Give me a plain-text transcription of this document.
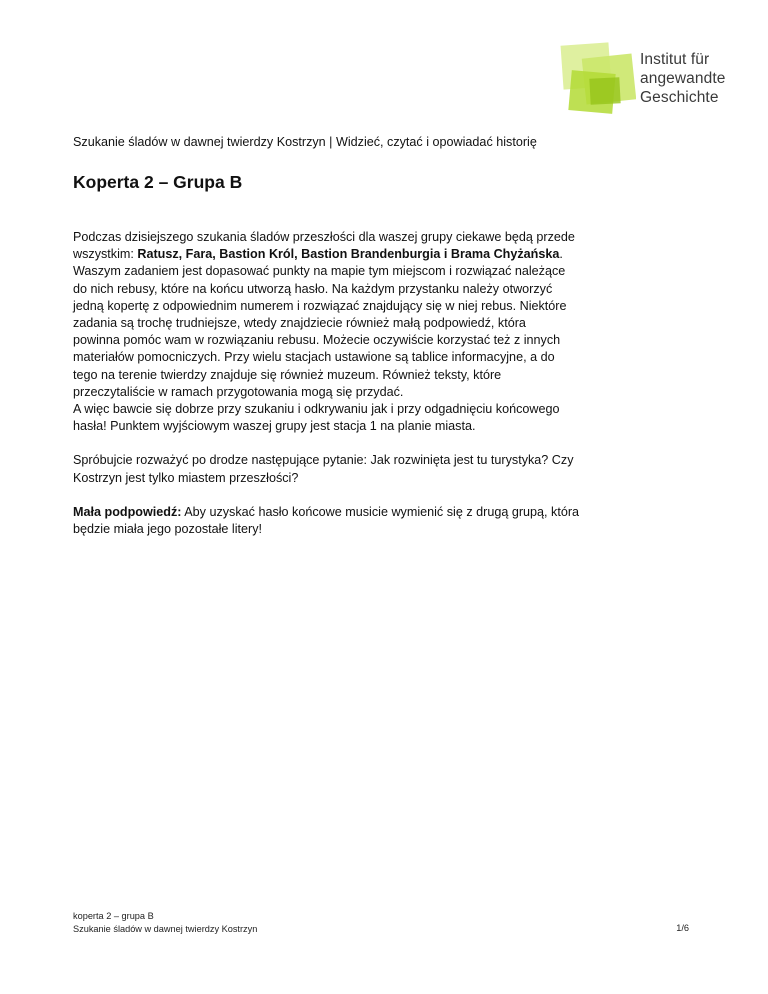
Institut für
angewandte
Geschichte
Szukanie śladów w dawnej twierdzy Kostrzyn | Widzieć, czytać i opowiadać historię
Koperta 2 – Grupa B

Podczas dzisiejszego szukania śladów przeszłości dla waszej grupy ciekawe będą przede
wszystkim: Ratusz, Fara, Bastion Król, Bastion Brandenburgia i Brama Chyżańska.
Waszym zadaniem jest dopasować punkty na mapie tym miejscom i rozwiązać należące
do nich rebusy, które na końcu utworzą hasło. Na każdym przystanku należy otworzyć
jedną kopertę z odpowiednim numerem i rozwiązać znajdujący się w niej rebus. Niektóre
zadania są trochę trudniejsze, wtedy znajdziecie również małą podpowiedź, która
powinna pomóc wam w rozwiązaniu rebusu. Możecie oczywiście korzystać też z innych
materiałów pomocniczych. Przy wielu stacjach ustawione są tablice informacyjne, a do
tego na terenie twierdzy znajduje się również muzeum. Również teksty, które
przeczytaliście w ramach przygotowania mogą się przydać.
A więc bawcie się dobrze przy szukaniu i odkrywaniu jak i przy odgadnięciu końcowego
hasła! Punktem wyjściowym waszej grupy jest stacja 1 na planie miasta.

Spróbujcie rozważyć po drodze następujące pytanie: Jak rozwinięta jest tu turystyka? Czy
Kostrzyn jest tylko miastem przeszłości?

Mała podpowiedź: Aby uzyskać hasło końcowe musicie wymienić się z drugą grupą, która
będzie miała jego pozostałe litery!

koperta 2 – grupa B
Szukanie śladów w dawnej twierdzy Kostrzyn	1/6
